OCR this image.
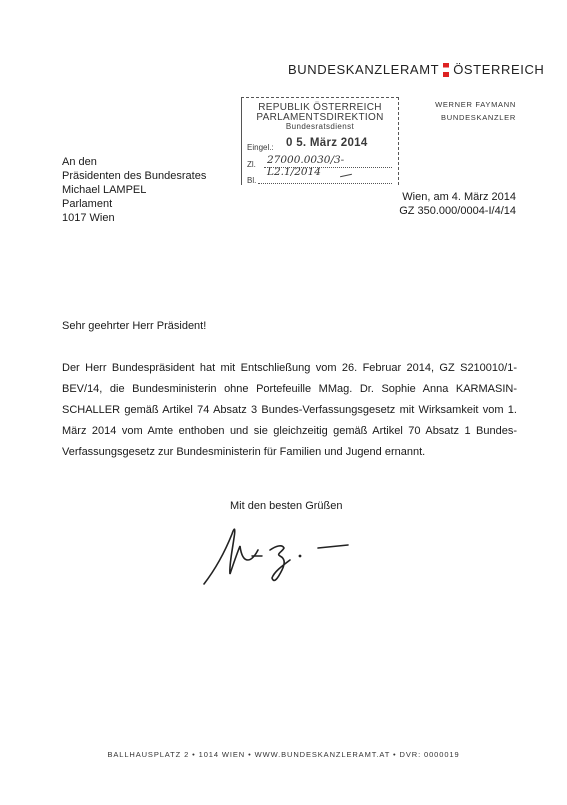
BUNDESKANZLERAMT ÖSTERREICH
WERNER FAYMANN
BUNDESKANZLER
REPUBLIK ÖSTERREICH
PARLAMENTSDIREKTION
Bundesratsdienst
Eingel.: 0 5. März 2014
Zl. 27000.0030/3-L2.1/2014
Bl.
An den
Präsidenten des Bundesrates
Michael LAMPEL
Parlament
1017 Wien
Wien, am 4. März 2014
GZ 350.000/0004-I/4/14
Sehr geehrter Herr Präsident!
Der Herr Bundespräsident hat mit Entschließung vom 26. Februar 2014, GZ S210010/1-BEV/14, die Bundesministerin ohne Portefeuille MMag. Dr. Sophie Anna KARMASIN-SCHALLER gemäß Artikel 74 Absatz 3 Bundes-Verfassungsgesetz mit Wirksamkeit vom 1. März 2014 vom Amte enthoben und sie gleichzeitig gemäß Artikel 70 Absatz 1 Bundes-Verfassungsgesetz zur Bundesministerin für Familien und Jugend ernannt.
Mit den besten Grüßen
BALLHAUSPLATZ 2 • 1014 WIEN • WWW.BUNDESKANZLERAMT.AT • DVR: 0000019
